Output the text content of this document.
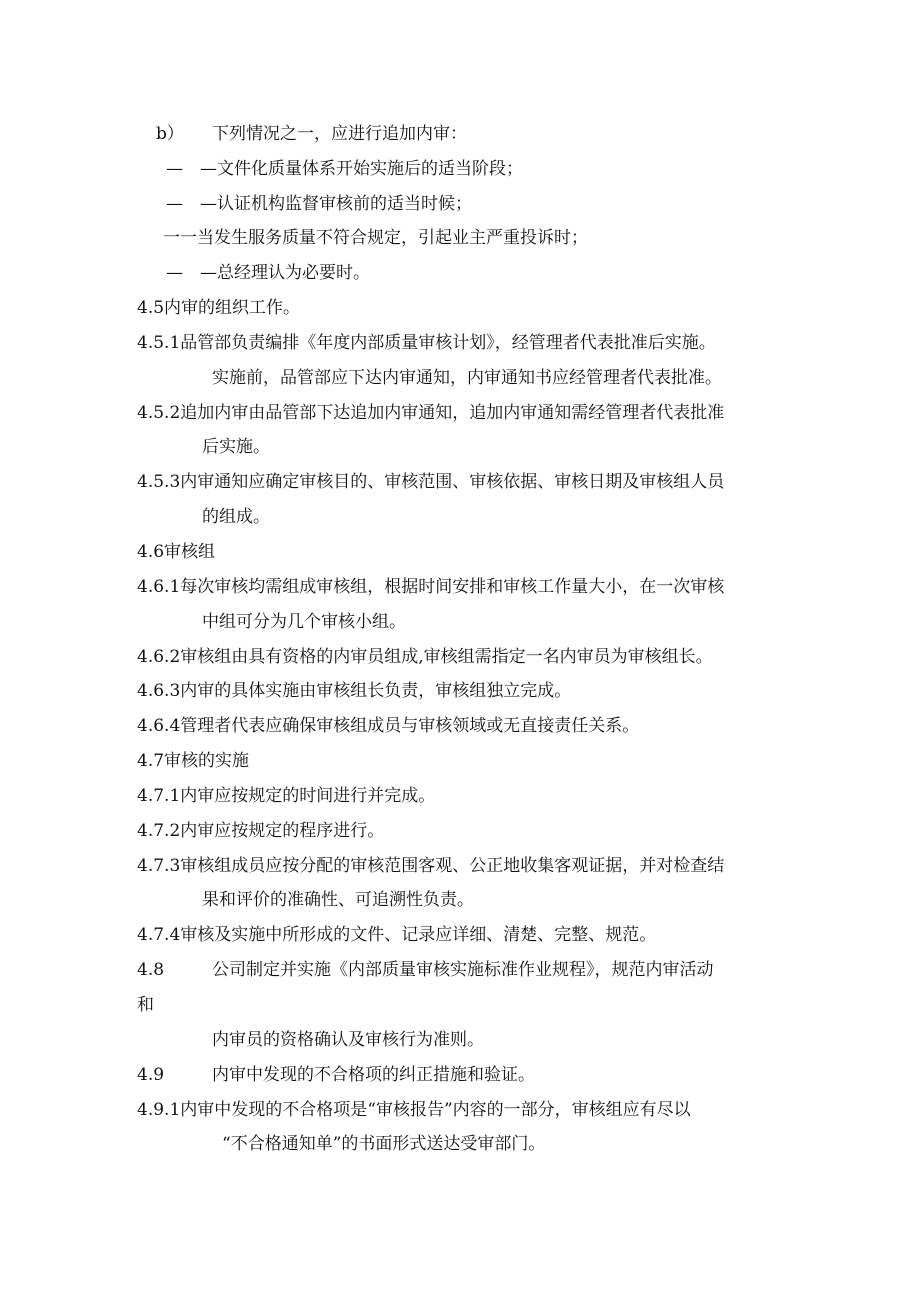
b） 下列情况之一，应进行追加内审：
—　—文件化质量体系开始实施后的适当阶段；
—　—认证机构监督审核前的适当时候；
一一当发生服务质量不符合规定，引起业主严重投诉时；
—　—总经理认为必要时。
4.5内审的组织工作。
4.5.1品管部负责编排《年度内部质量审核计划》，经管理者代表批准后实施。
实施前，品管部应下达内审通知，内审通知书应经管理者代表批准。
4.5.2追加内审由品管部下达追加内审通知，追加内审通知需经管理者代表批准
后实施。
4.5.3内审通知应确定审核目的、审核范围、审核依据、审核日期及审核组人员
的组成。
4.6审核组
4.6.1每次审核均需组成审核组，根据时间安排和审核工作量大小，在一次审核
中组可分为几个审核小组。
4.6.2审核组由具有资格的内审员组成,审核组需指定一名内审员为审核组长。
4.6.3内审的具体实施由审核组长负责，审核组独立完成。
4.6.4管理者代表应确保审核组成员与审核领域或无直接责任关系。
4.7审核的实施
4.7.1内审应按规定的时间进行并完成。
4.7.2内审应按规定的程序进行。
4.7.3审核组成员应按分配的审核范围客观、公正地收集客观证据，并对检查结
果和评价的准确性、可追溯性负责。
4.7.4审核及实施中所形成的文件、记录应详细、清楚、完整、规范。
4.8	公司制定并实施《内部质量审核实施标准作业规程》，规范内审活动
和
内审员的资格确认及审核行为准则。
4.9	内审中发现的不合格项的纠正措施和验证。
4.9.1内审中发现的不合格项是“审核报告”内容的一部分，审核组应有尽以
“不合格通知单”的书面形式送达受审部门。
